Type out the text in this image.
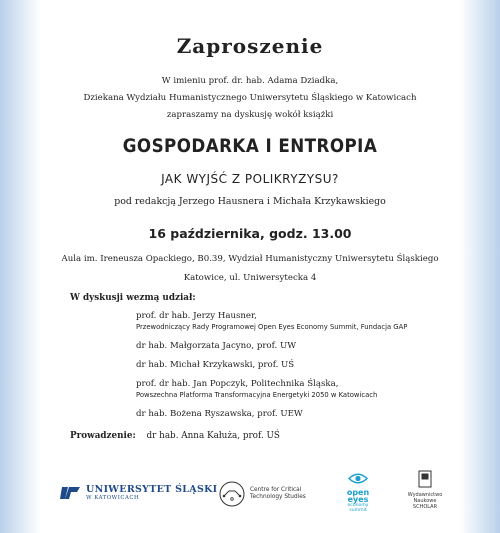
Zaproszenie
W imieniu prof. dr. hab. Adama Dziadka,
Dziekana Wydziału Humanistycznego Uniwersytetu Śląskiego w Katowicach
zapraszamy na dyskusję wokół książki
GOSPODARKA I ENTROPIA
JAK WYJŚĆ Z POLIKRYZYSU?
pod redakcją Jerzego Hausnera i Michała Krzykawskiego
16 października, godz. 13.00
Aula im. Ireneusza Opackiego, B0.39, Wydział Humanistyczny Uniwersytetu Śląskiego
Katowice, ul. Uniwersytecka 4
W dyskusji wezmą udział:
prof. dr hab. Jerzy Hausner,
Przewodniczący Rady Programowej Open Eyes Economy Summit, Fundacja GAP
dr hab. Małgorzata Jacyno, prof. UW
dr hab. Michał Krzykawski, prof. UŚ
prof. dr hab. Jan Popczyk, Politechnika Śląska,
Powszechna Platforma Transformacyjna Energetyki 2050 w Katowicach
dr hab. Bożena Ryszawska, prof. UEW
Prowadzenie: dr hab. Anna Kałuża, prof. UŚ
UNIWERSYTET ŚLĄSKI
W KATOWICACH
Centre for Critical
Technology Studies	open
eyes
economy
summit
Wydawnictwo Naukowe
SCHOLAR
